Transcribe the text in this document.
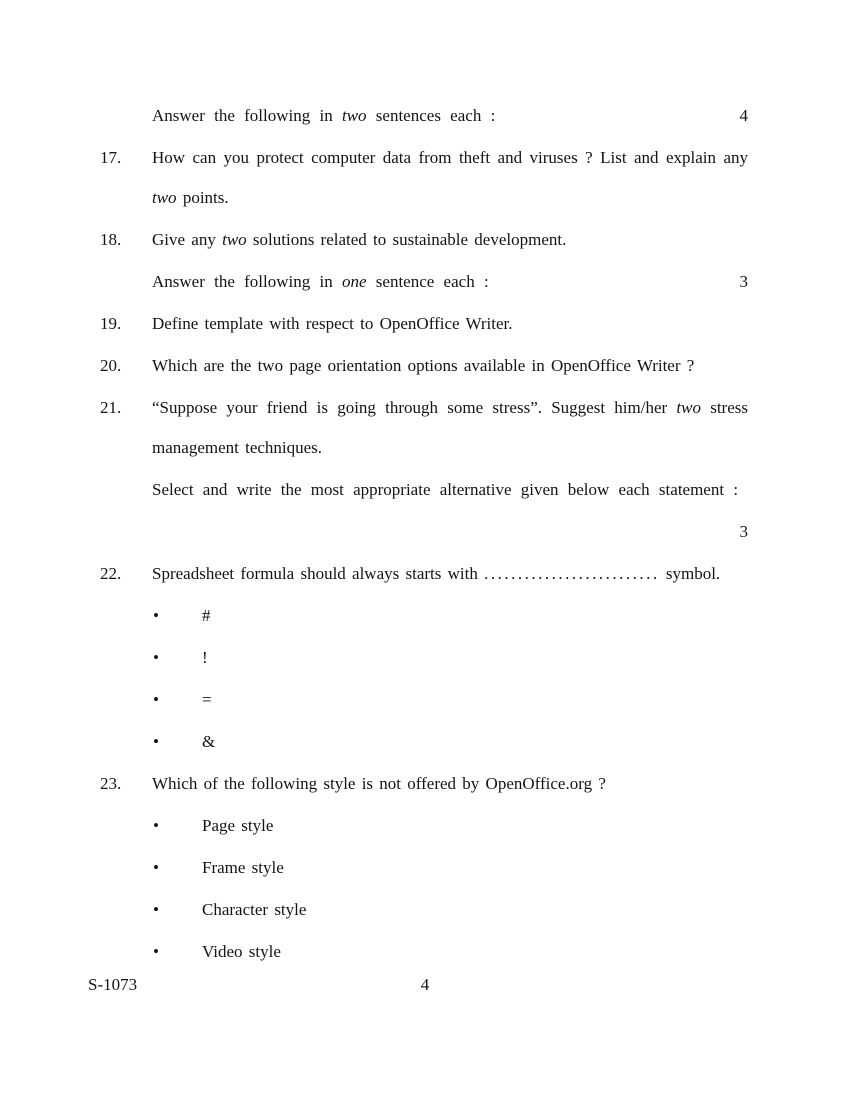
Answer the following in two sentences each :	4
17.	How can you protect computer data from theft and viruses ? List and explain any two points.
18.	Give any two solutions related to sustainable development.
Answer the following in one sentence each :	3
19.	Define template with respect to OpenOffice Writer.
20.	Which are the two page orientation options available in OpenOffice Writer ?
21.	“Suppose your friend is going through some stress”. Suggest him/her two stress management techniques.
Select and write the most appropriate alternative given below each statement :
3
22.	Spreadsheet formula should always starts with .......................... symbol.
•	#
•	!
•	=
•	&
23.	Which of the following style is not offered by OpenOffice.org ?
•	Page style
•	Frame style
•	Character style
•	Video style
S-1073	4
